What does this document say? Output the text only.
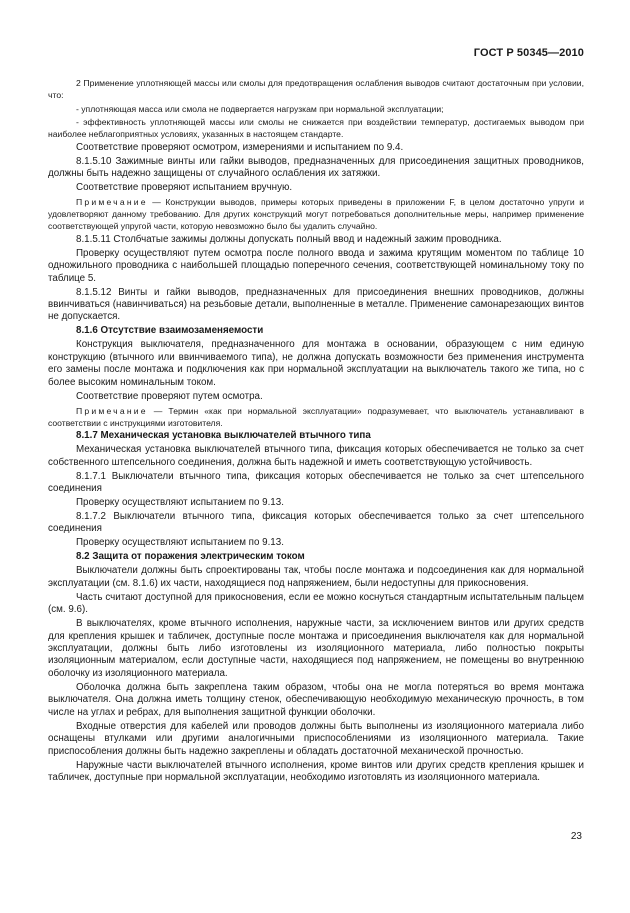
ГОСТ Р 50345—2010

2 Применение уплотняющей массы или смолы для предотвращения ослабления выводов считают достаточным при условии, что:

- уплотняющая масса или смола не подвергается нагрузкам при нормальной эксплуатации;

- эффективность уплотняющей массы или смолы не снижается при воздействии температур, достигаемых выводом при наиболее неблагоприятных условиях, указанных в настоящем стандарте.

Соответствие проверяют осмотром, измерениями и испытанием по 9.4.

8.1.5.10 Зажимные винты или гайки выводов, предназначенных для присоединения защитных проводников, должны быть надежно защищены от случайного ослабления их затяжки.

Соответствие проверяют испытанием вручную.

Примечание — Конструкции выводов, примеры которых приведены в приложении F, в целом достаточно упруги и удовлетворяют данному требованию. Для других конструкций могут потребоваться дополнительные меры, например применение соответствующей упругой части, которую невозможно было бы удалить случайно.

8.1.5.11 Столбчатые зажимы должны допускать полный ввод и надежный зажим проводника.

Проверку осуществляют путем осмотра после полного ввода и зажима крутящим моментом по таблице 10 одножильного проводника с наибольшей площадью поперечного сечения, соответствующей номинальному току по таблице 5.

8.1.5.12 Винты и гайки выводов, предназначенных для присоединения внешних проводников, должны ввинчиваться (навинчиваться) на резьбовые детали, выполненные в металле. Применение самонарезающих винтов не допускается.

8.1.6 Отсутствие взаимозаменяемости

Конструкция выключателя, предназначенного для монтажа в основании, образующем с ним единую конструкцию (втычного или ввинчиваемого типа), не должна допускать возможности без применения инструмента его замены после монтажа и подключения как при нормальной эксплуатации на выключатель такого же типа, но с более высоким номинальным током.

Соответствие проверяют путем осмотра.

Примечание — Термин «как при нормальной эксплуатации» подразумевает, что выключатель устанавливают в соответствии с инструкциями изготовителя.

8.1.7 Механическая установка выключателей втычного типа

Механическая установка выключателей втычного типа, фиксация которых обеспечивается не только за счет собственного штепсельного соединения, должна быть надежной и иметь соответствующую устойчивость.

8.1.7.1 Выключатели втычного типа, фиксация которых обеспечивается не только за счет штепсельного соединения

Проверку осуществляют испытанием по 9.13.

8.1.7.2 Выключатели втычного типа, фиксация которых обеспечивается только за счет штепсельного соединения

Проверку осуществляют испытанием по 9.13.

8.2 Защита от поражения электрическим током

Выключатели должны быть спроектированы так, чтобы после монтажа и подсоединения как для нормальной эксплуатации (см. 8.1.6) их части, находящиеся под напряжением, были недоступны для прикосновения.

Часть считают доступной для прикосновения, если ее можно коснуться стандартным испытательным пальцем (см. 9.6).

В выключателях, кроме втычного исполнения, наружные части, за исключением винтов или других средств для крепления крышек и табличек, доступные после монтажа и присоединения выключателя как для нормальной эксплуатации, должны быть либо изготовлены из изоляционного материала, либо полностью покрыты изоляционным материалом, если доступные части, находящиеся под напряжением, не помещены во внутреннюю оболочку из изоляционного материала.

Оболочка должна быть закреплена таким образом, чтобы она не могла потеряться во время монтажа выключателя. Она должна иметь толщину стенок, обеспечивающую необходимую механическую прочность, в том числе на углах и ребрах, для выполнения защитной функции оболочки.

Входные отверстия для кабелей или проводов должны быть выполнены из изоляционного материала либо оснащены втулками или другими аналогичными приспособлениями из изоляционного материала. Такие приспособления должны быть надежно закреплены и обладать достаточной механической прочностью.

Наружные части выключателей втычного исполнения, кроме винтов или других средств крепления крышек и табличек, доступные при нормальной эксплуатации, необходимо изготовлять из изоляционного материала.

23
